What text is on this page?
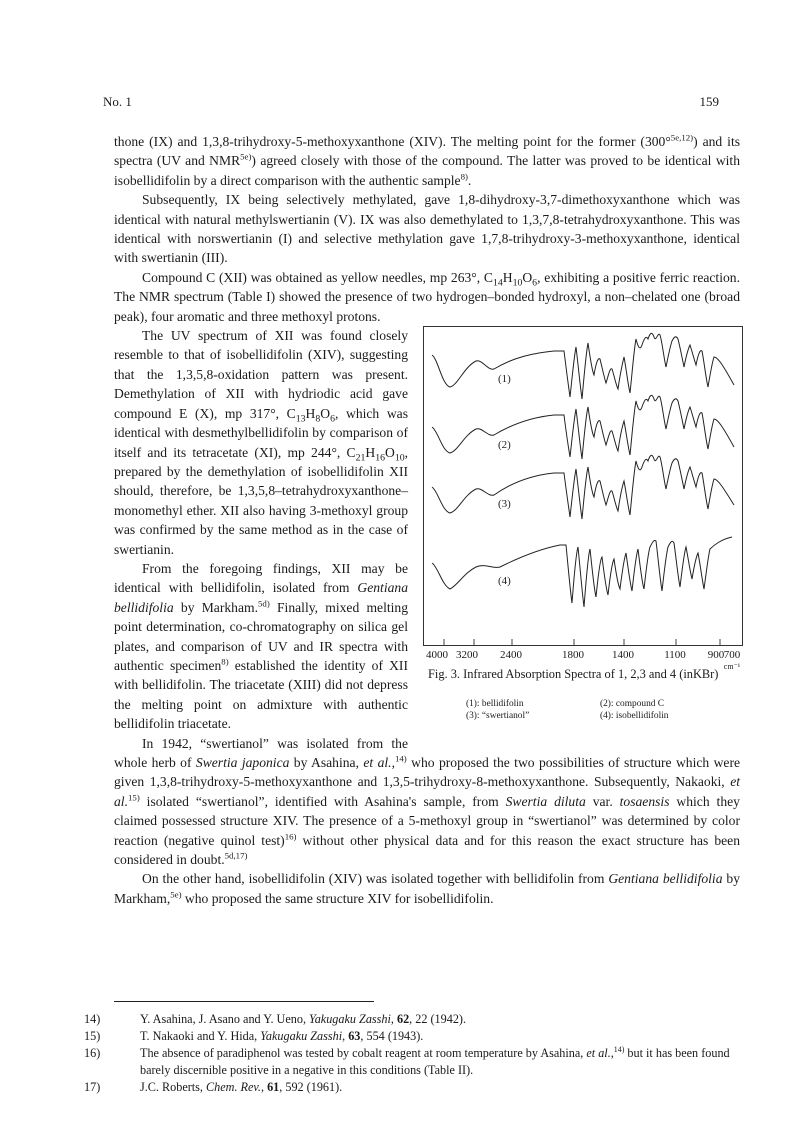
No. 1	159

thone (IX) and 1,3,8-trihydroxy-5-methoxyxanthone (XIV). The melting point for the former (300°$^{5e,12)}$) and its spectra (UV and $NMR^{5e)}$) agreed closely with those of the compound. The latter was proved to be identical with isobellidifolin by a direct comparison with the authentic sample$^{8)}$.

Subsequently, IX being selectively methylated, gave 1,8-dihydroxy-3,7-dimethoxyxanthone which was identical with natural methylswertianin (V). IX was also demethylated to 1,3,7,8-tetrahydroxyxanthone. This was identical with norswertianin (I) and selective methylation gave 1,7,8-trihydroxy-3-methoxyxanthone, identical with swertianin (III).

Compound C (XII) was obtained as yellow needles, mp 263°, $C_{14}H_{10}O_6$, exhibiting a positive ferric reaction. The NMR spectrum (Table I) showed the presence of two hydrogen–bonded hydroxyl, a non–chelated one (broad peak), four aromatic and three methoxyl protons.

(1)
(2)
(3)
(4)
4000 3200 2400	1800	1400	1100 900 700
cm⁻¹
Fig. 3. Infrared Absorption Spectra of 1, 2,3 and 4 (inKBr)
(1): bellidifolin	(2): compound C (3): “swertianol”	(4): isobellidifolin

The UV spectrum of XII was found closely resemble to that of isobellidifolin (XIV), suggesting that the 1,3,5,8-oxidation pattern was present. Demethylation of XII with hydriodic acid gave compound E (X), mp 317°, $C_{13}H_8O_6$, which was identical with desmethylbellidifolin by comparison of itself and its tetracetate (XI), mp 244°, $C_{21}H_{16}O_{10}$, prepared by the demethylation of isobellidifolin XII should, therefore, be 1,3,5,8–tetrahydroxyxanthone–monomethyl ether. XII also having 3-methoxyl group was confirmed by the same method as in the case of swertianin.

From the foregoing findings, XII may be identical with bellidifolin, isolated from Gentiana bellidifolia by Markham.$^{5d)}$ Finally, mixed melting point determination, co-chromatography on silica gel plates, and comparison of UV and IR spectra with authentic specimen$^{8)}$ established the identity of XII with bellidifolin. The triacetate (XIII) did not depress the melting point on admixture with authentic bellidifolin triacetate.

In 1942, “swertianol” was isolated from the whole herb of Swertia japonica by Asahina, et al.,$^{14)}$ who proposed the two possibilities of structure which were given 1,3,8-trihydroxy-5-methoxyxanthone and 1,3,5-trihydroxy-8-methoxyxanthone. Subsequently, Nakaoki, et al.$^{15)}$ isolated “swertianol”, identified with Asahina's sample, from Swertia diluta var. tosaensis which they claimed possessed structure XIV. The presence of a 5-methoxyl group in “swertianol” was determined by color reaction (negative quinol test)$^{16)}$ without other physical data and for this reason the exact structure has been considered in doubt.$^{5d,17)}$

On the other hand, isobellidifolin (XIV) was isolated together with bellidifolin from Gentiana bellidifolia by Markham,$^{5e)}$ who proposed the same structure XIV for isobellidifolin.

14)	Y. Asahina, J. Asano and Y. Ueno, Yakugaku Zasshi, 62, 22 (1942).

15)	T. Nakaoki and Y. Hida, Yakugaku Zasshi, 63, 554 (1943).

16)	The absence of paradiphenol was tested by cobalt reagent at room temperature by Asahina, et al.,$^{14)}$ but it has been found barely discernible positive in a negative in this conditions (Table II).

17)	J.C. Roberts, Chem. Rev., 61, 592 (1961).
